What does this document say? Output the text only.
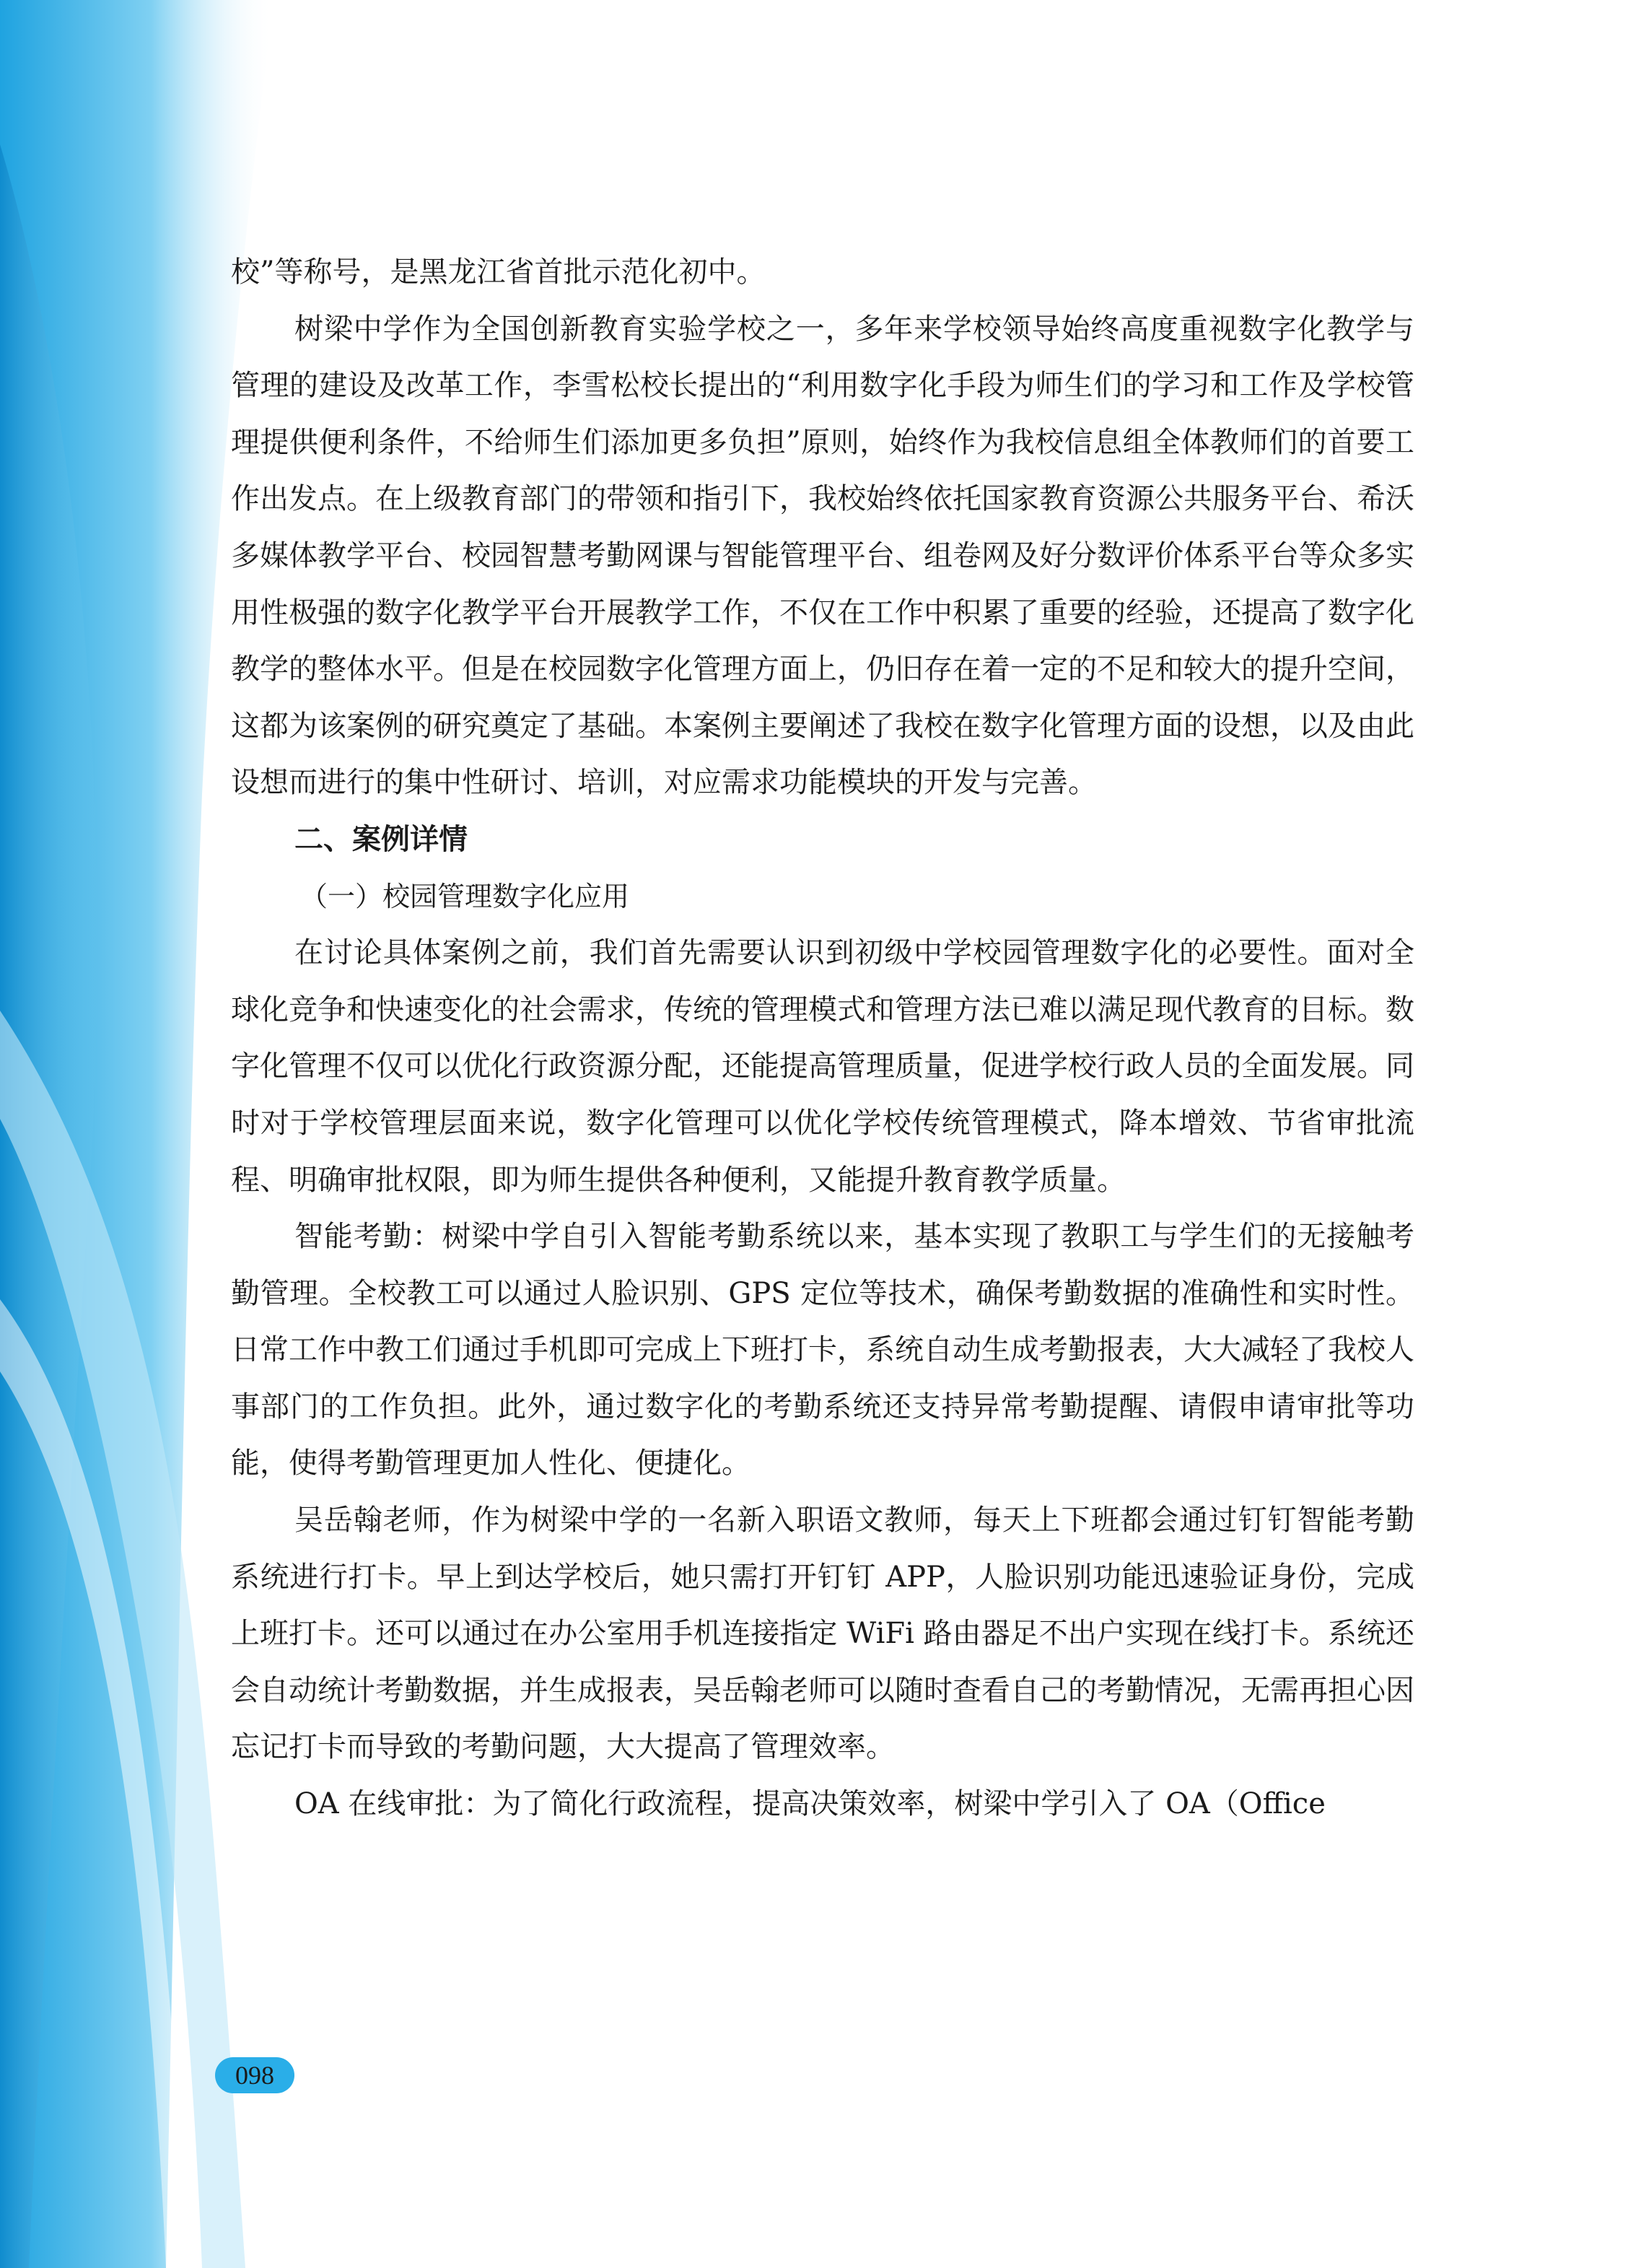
校”等称号，是黑龙江省首批示范化初中。

树梁中学作为全国创新教育实验学校之一，多年来学校领导始终高度重视数字化教学与管理的建设及改革工作，李雪松校长提出的“利用数字化手段为师生们的学习和工作及学校管理提供便利条件，不给师生们添加更多负担”原则，始终作为我校信息组全体教师们的首要工作出发点。在上级教育部门的带领和指引下，我校始终依托国家教育资源公共服务平台、希沃多媒体教学平台、校园智慧考勤网课与智能管理平台、组卷网及好分数评价体系平台等众多实用性极强的数字化教学平台开展教学工作，不仅在工作中积累了重要的经验，还提高了数字化教学的整体水平。但是在校园数字化管理方面上，仍旧存在着一定的不足和较大的提升空间，这都为该案例的研究奠定了基础。本案例主要阐述了我校在数字化管理方面的设想，以及由此设想而进行的集中性研讨、培训，对应需求功能模块的开发与完善。

二、案例详情

（一）校园管理数字化应用

在讨论具体案例之前，我们首先需要认识到初级中学校园管理数字化的必要性。面对全球化竞争和快速变化的社会需求，传统的管理模式和管理方法已难以满足现代教育的目标。数字化管理不仅可以优化行政资源分配，还能提高管理质量，促进学校行政人员的全面发展。同时对于学校管理层面来说，数字化管理可以优化学校传统管理模式，降本增效、节省审批流程、明确审批权限，即为师生提供各种便利，又能提升教育教学质量。

智能考勤：树梁中学自引入智能考勤系统以来，基本实现了教职工与学生们的无接触考勤管理。全校教工可以通过人脸识别、GPS 定位等技术，确保考勤数据的准确性和实时性。日常工作中教工们通过手机即可完成上下班打卡，系统自动生成考勤报表，大大减轻了我校人事部门的工作负担。此外，通过数字化的考勤系统还支持异常考勤提醒、请假申请审批等功能，使得考勤管理更加人性化、便捷化。

吴岳翰老师，作为树梁中学的一名新入职语文教师，每天上下班都会通过钉钉智能考勤系统进行打卡。早上到达学校后，她只需打开钉钉 APP，人脸识别功能迅速验证身份，完成上班打卡。还可以通过在办公室用手机连接指定 WiFi 路由器足不出户实现在线打卡。系统还会自动统计考勤数据，并生成报表，吴岳翰老师可以随时查看自己的考勤情况，无需再担心因忘记打卡而导致的考勤问题，大大提高了管理效率。

OA 在线审批：为了简化行政流程，提高决策效率，树梁中学引入了 OA（Office

098
